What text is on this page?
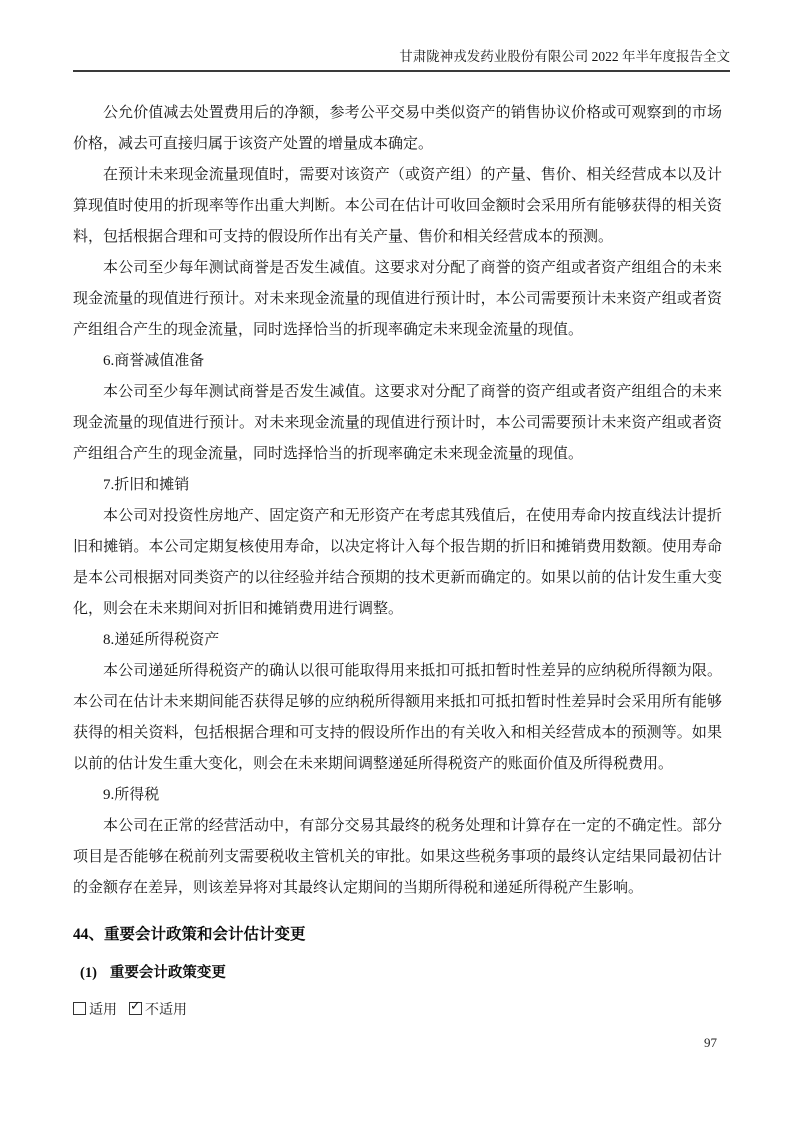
甘肃陇神戎发药业股份有限公司 2022 年半年度报告全文

公允价值减去处置费用后的净额，参考公平交易中类似资产的销售协议价格或可观察到的市场价格，减去可直接归属于该资产处置的增量成本确定。

在预计未来现金流量现值时，需要对该资产（或资产组）的产量、售价、相关经营成本以及计算现值时使用的折现率等作出重大判断。本公司在估计可收回金额时会采用所有能够获得的相关资料，包括根据合理和可支持的假设所作出有关产量、售价和相关经营成本的预测。

本公司至少每年测试商誉是否发生减值。这要求对分配了商誉的资产组或者资产组组合的未来现金流量的现值进行预计。对未来现金流量的现值进行预计时，本公司需要预计未来资产组或者资产组组合产生的现金流量，同时选择恰当的折现率确定未来现金流量的现值。

6.商誉减值准备

本公司至少每年测试商誉是否发生减值。这要求对分配了商誉的资产组或者资产组组合的未来现金流量的现值进行预计。对未来现金流量的现值进行预计时，本公司需要预计未来资产组或者资产组组合产生的现金流量，同时选择恰当的折现率确定未来现金流量的现值。

7.折旧和摊销

本公司对投资性房地产、固定资产和无形资产在考虑其残值后，在使用寿命内按直线法计提折旧和摊销。本公司定期复核使用寿命，以决定将计入每个报告期的折旧和摊销费用数额。使用寿命是本公司根据对同类资产的以往经验并结合预期的技术更新而确定的。如果以前的估计发生重大变化，则会在未来期间对折旧和摊销费用进行调整。

8.递延所得税资产

本公司递延所得税资产的确认以很可能取得用来抵扣可抵扣暂时性差异的应纳税所得额为限。本公司在估计未来期间能否获得足够的应纳税所得额用来抵扣可抵扣暂时性差异时会采用所有能够获得的相关资料，包括根据合理和可支持的假设所作出的有关收入和相关经营成本的预测等。如果以前的估计发生重大变化，则会在未来期间调整递延所得税资产的账面价值及所得税费用。

9.所得税

本公司在正常的经营活动中，有部分交易其最终的税务处理和计算存在一定的不确定性。部分项目是否能够在税前列支需要税收主管机关的审批。如果这些税务事项的最终认定结果同最初估计的金额存在差异，则该差异将对其最终认定期间的当期所得税和递延所得税产生影响。

44、重要会计政策和会计估计变更
(1) 重要会计政策变更
适用 ✓ 不适用
97
